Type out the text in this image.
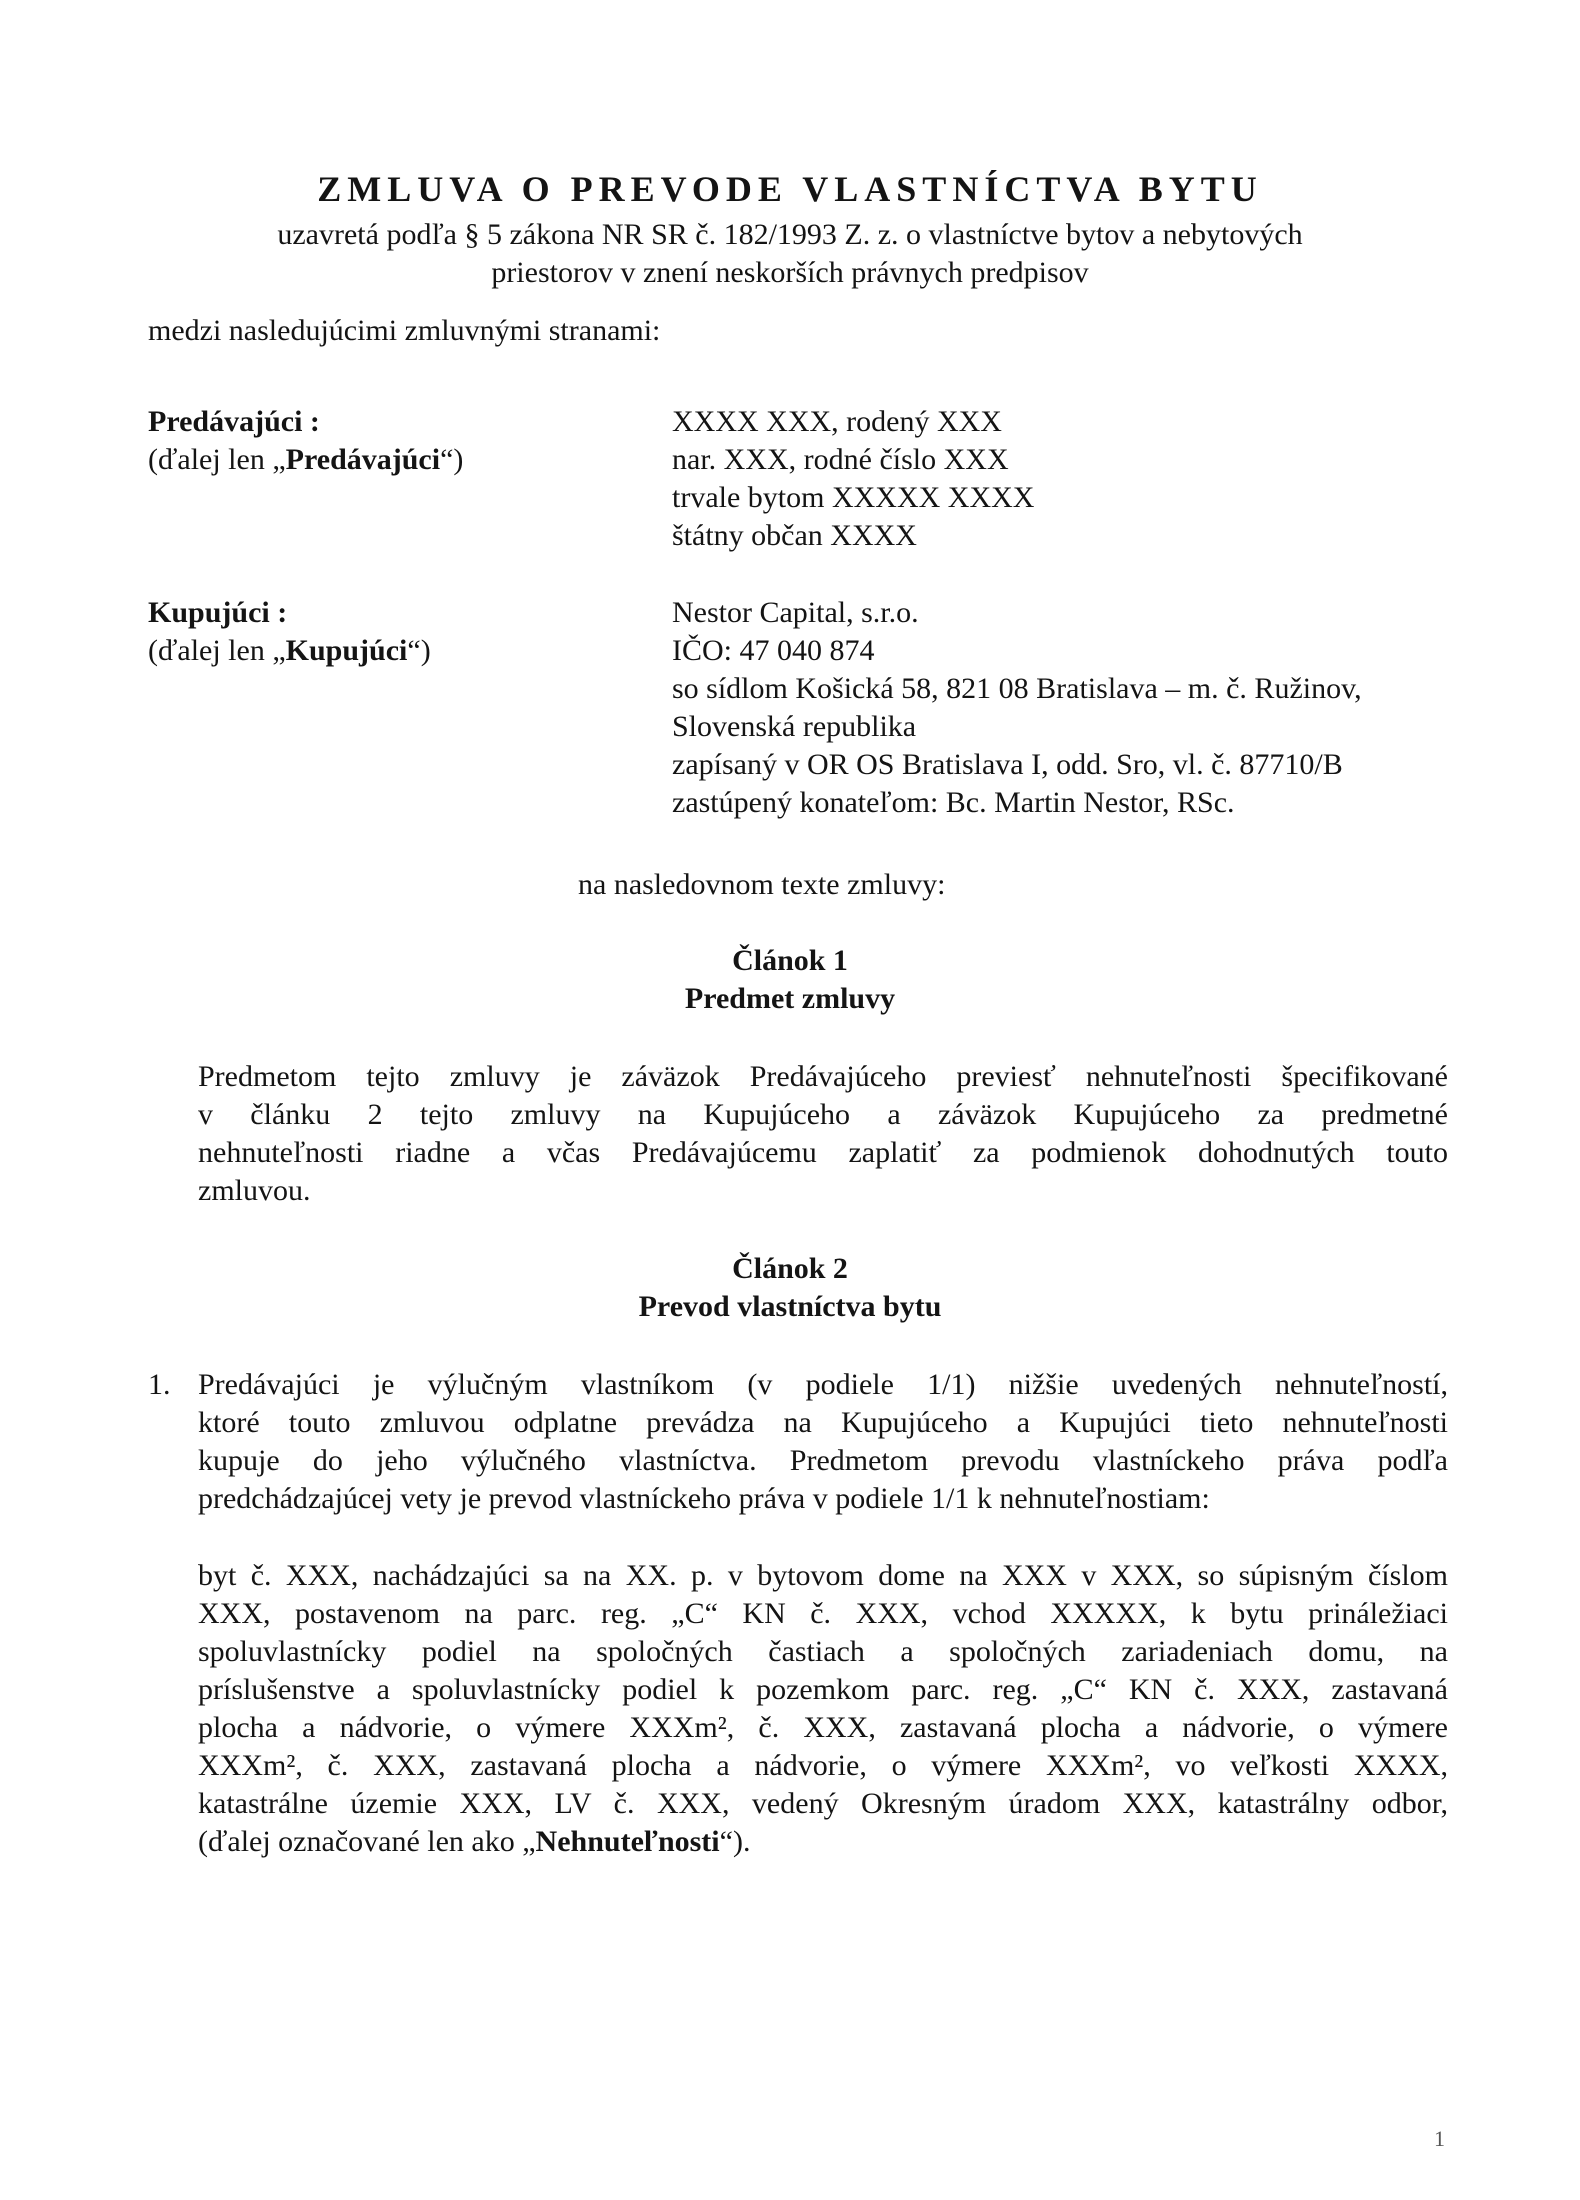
ZMLUVA O PREVODE VLASTNÍCTVA BYTU
uzavretá podľa § 5 zákona NR SR č. 182/1993 Z. z. o vlastníctve bytov a nebytových
priestorov v znení neskorších právnych predpisov
medzi nasledujúcimi zmluvnými stranami:
Predávajúci :
(ďalej len „Predávajúci“)
XXXX XXX, rodený XXX
nar. XXX, rodné číslo XXX
trvale bytom XXXXX XXXX
štátny občan XXXX
Kupujúci :
(ďalej len „Kupujúci“)
Nestor Capital, s.r.o.
IČO: 47 040 874
so sídlom Košická 58, 821 08 Bratislava – m. č. Ružinov,
Slovenská republika
zapísaný v OR OS Bratislava I, odd. Sro, vl. č. 87710/B
zastúpený konateľom: Bc. Martin Nestor, RSc.
na nasledovnom texte zmluvy:
Článok 1
Predmet zmluvy
Predmetom tejto zmluvy je záväzok Predávajúceho previesť nehnuteľnosti špecifikované
v článku 2 tejto zmluvy na Kupujúceho a záväzok Kupujúceho za predmetné
nehnuteľnosti riadne a včas Predávajúcemu zaplatiť za podmienok dohodnutých touto
zmluvou.
Článok 2
Prevod vlastníctva bytu
1. Predávajúci je výlučným vlastníkom (v podiele 1/1) nižšie uvedených nehnuteľností,
ktoré touto zmluvou odplatne prevádza na Kupujúceho a Kupujúci tieto nehnuteľnosti
kupuje do jeho výlučného vlastníctva. Predmetom prevodu vlastníckeho práva podľa
predchádzajúcej vety je prevod vlastníckeho práva v podiele 1/1 k nehnuteľnostiam:
byt č. XXX, nachádzajúci sa na XX. p. v bytovom dome na XXX v XXX, so súpisným číslom
XXX, postavenom na parc. reg. „C“ KN č. XXX, vchod XXXXX, k bytu prináležiaci
spoluvlastnícky podiel na spoločných častiach a spoločných zariadeniach domu, na
príslušenstve a spoluvlastnícky podiel k pozemkom parc. reg. „C“ KN č. XXX, zastavaná
plocha a nádvorie, o výmere XXXm², č. XXX, zastavaná plocha a nádvorie, o výmere
XXXm², č. XXX, zastavaná plocha a nádvorie, o výmere XXXm², vo veľkosti XXXX,
katastrálne územie XXX, LV č. XXX, vedený Okresným úradom XXX, katastrálny odbor,
(ďalej označované len ako „Nehnuteľnosti“).
1
